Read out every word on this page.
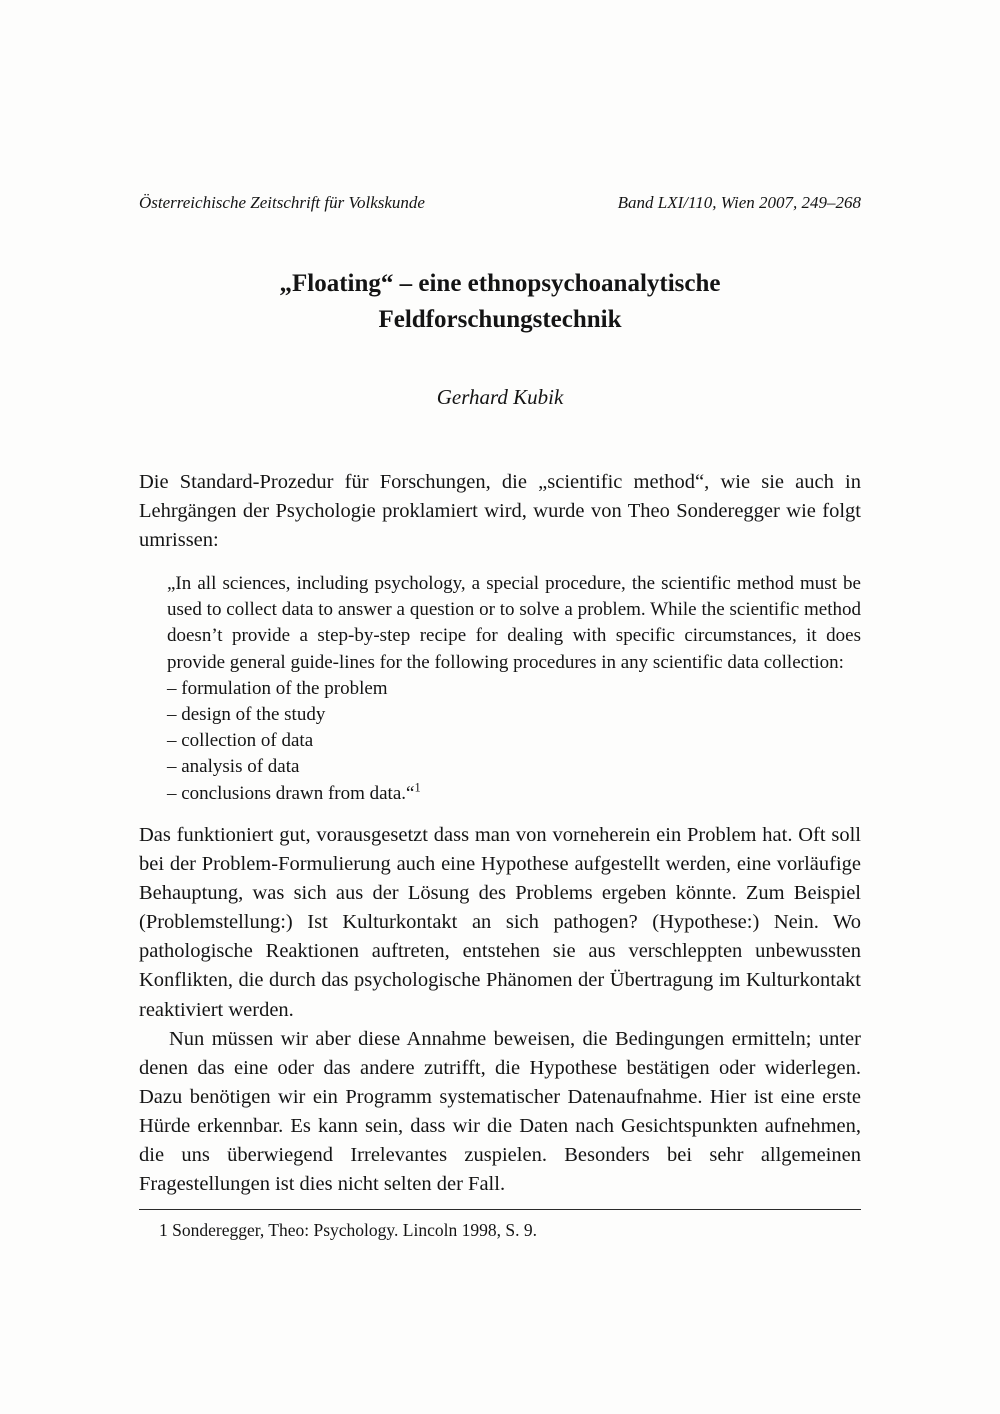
Österreichische Zeitschrift für Volkskunde	Band LXI/110, Wien 2007, 249–268
„Floating“ – eine ethnopsychoanalytische
Feldforschungstechnik
Gerhard Kubik

Die Standard-Prozedur für Forschungen, die „scientific method“, wie sie auch in Lehrgängen der Psychologie proklamiert wird, wurde von Theo Sonderegger wie folgt umrissen:

„In all sciences, including psychology, a special procedure, the scientific method must be used to collect data to answer a question or to solve a problem. While the scientific method doesn’t provide a step-by-step recipe for dealing with specific circumstances, it does provide general guide-lines for the following procedures in any scientific data collection:

– formulation of the problem
– design of the study
– collection of data
– analysis of data
– conclusions drawn from data.“$^1$

Das funktioniert gut, vorausgesetzt dass man von vorneherein ein Problem hat. Oft soll bei der Problem-Formulierung auch eine Hypothese aufgestellt werden, eine vorläufige Behauptung, was sich aus der Lösung des Problems ergeben könnte. Zum Beispiel (Problemstellung:) Ist Kulturkontakt an sich pathogen? (Hypothese:) Nein. Wo pathologische Reaktionen auftreten, entstehen sie aus verschleppten unbewussten Konflikten, die durch das psychologische Phänomen der Übertragung im Kulturkontakt reaktiviert werden.

Nun müssen wir aber diese Annahme beweisen, die Bedingungen ermitteln; unter denen das eine oder das andere zutrifft, die Hypothese bestätigen oder widerlegen. Dazu benötigen wir ein Programm systematischer Datenaufnahme. Hier ist eine erste Hürde erkennbar. Es kann sein, dass wir die Daten nach Gesichtspunkten aufnehmen, die uns überwiegend Irrelevantes zuspielen. Besonders bei sehr allgemeinen Fragestellungen ist dies nicht selten der Fall.

1 Sonderegger, Theo: Psychology. Lincoln 1998, S. 9.
